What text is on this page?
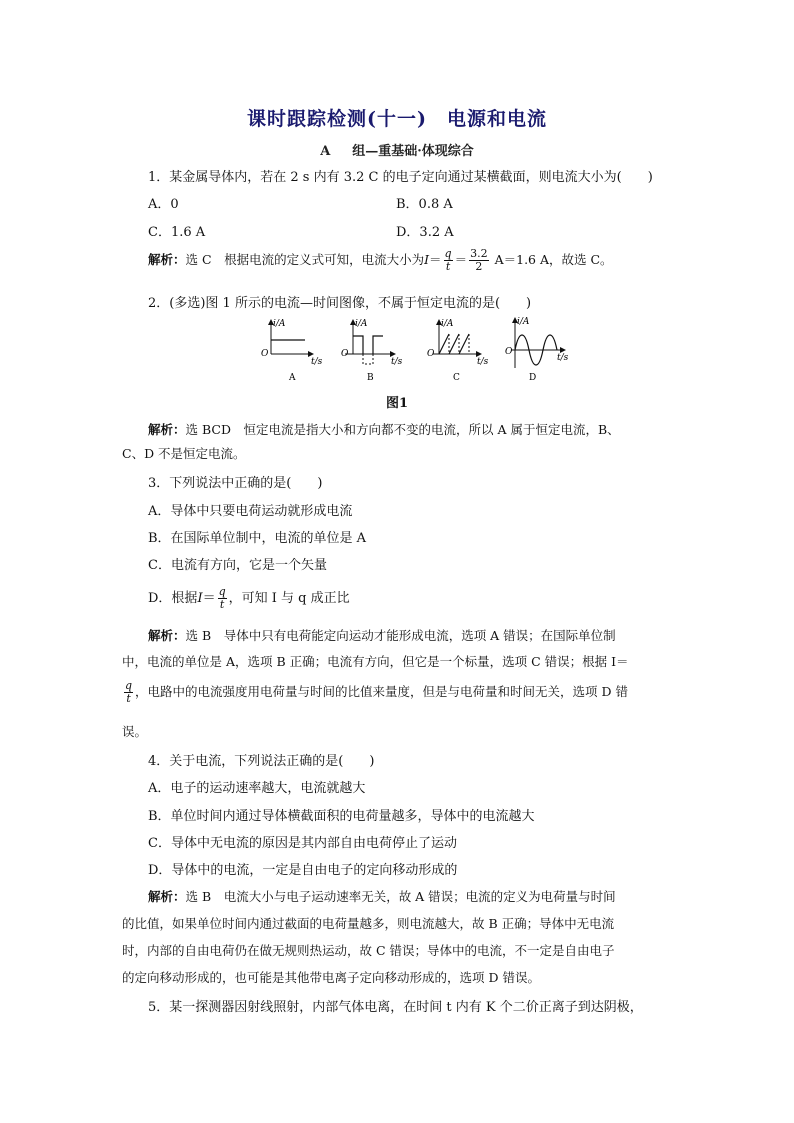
课时跟踪检测(十一)　电源和电流
A 组—重基础·体现综合
1．某金属导体内，若在 2 s 内有 3.2 C 的电子定向通过某横截面，则电流大小为(　　)
A．0	B．0.8 A
C．1.6 A	D．3.2 A
解析：选 C　根据电流的定义式可知，电流大小为$I= \frac{q}{t} = \frac{3.2}{2} A=1.6$ A，故选 C。
2．(多选)图 1 所示的电流—时间图像，不属于恒定电流的是(　　)
i/A
O
t/s
A
i/A
O
t/s
B
i/A
O
t/s
C
i/A
O
t/s
D
图1
解析：选 BCD　恒定电流是指大小和方向都不变的电流，所以 A 属于恒定电流，B、
C、D 不是恒定电流。
3．下列说法中正确的是(　　)
A．导体中只要电荷运动就形成电流
B．在国际单位制中，电流的单位是 A
C．电流有方向，它是一个矢量
D．根据$I= \frac{q}{t}$ ，可知 I 与 q 成正比
解析：选 B　导体中只有电荷能定向运动才能形成电流，选项 A 错误；在国际单位制
中，电流的单位是 A，选项 B 正确；电流有方向，但它是一个标量，选项 C 错误；根据 I＝
$\frac{q}{t}$ ，电路中的电流强度用电荷量与时间的比值来量度，但是与电荷量和时间无关，选项 D 错
误。
4．关于电流，下列说法正确的是(　　)
A．电子的运动速率越大，电流就越大
B．单位时间内通过导体横截面积的电荷量越多，导体中的电流越大
C．导体中无电流的原因是其内部自由电荷停止了运动
D．导体中的电流，一定是自由电子的定向移动形成的
解析：选 B　电流大小与电子运动速率无关，故 A 错误；电流的定义为电荷量与时间
的比值，如果单位时间内通过截面的电荷量越多，则电流越大，故 B 正确；导体中无电流
时，内部的自由电荷仍在做无规则热运动，故 C 错误；导体中的电流，不一定是自由电子
的定向移动形成的，也可能是其他带电离子定向移动形成的，选项 D 错误。
5．某一探测器因射线照射，内部气体电离，在时间 t 内有 K 个二价正离子到达阴极，
